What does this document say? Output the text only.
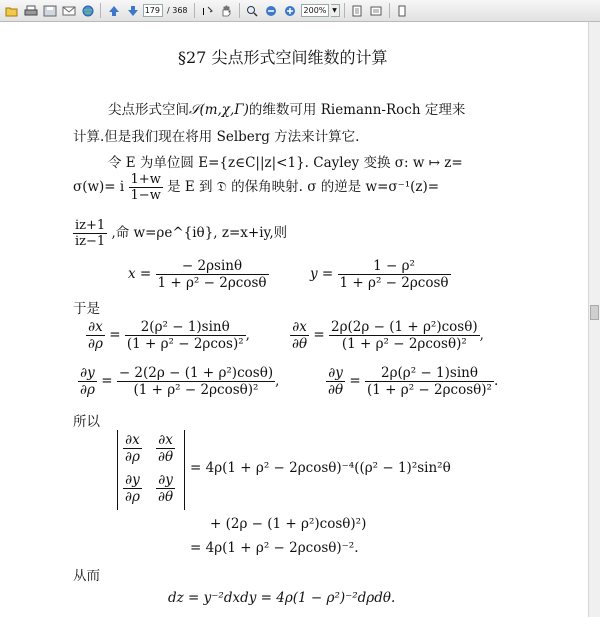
179 / 368 I	200% ▼
§27 尖点形式空间维数的计算
尖点形式空间𝒮(m,χ,Γ)的维数可用 Riemann-Roch 定理来
计算.但是我们现在将用 Selberg 方法来计算它.
令 E 为单位圆 E={z∈C||z|<1}. Cayley 变换 σ: w ↦ z=
σ(w)= i $\frac{1+w}{1-w}$ 是 E 到 𝔇 的保角映射. σ 的逆是 w=σ⁻¹(z)=
$\frac{iz+1}{iz-1}$ ,命 w=ρe^{iθ}, z=x+iy,则
$x = \frac{- 2\rho\sin\theta}{\text{1 + ρ² − 2ρcosθ}}$	$y = \frac{\text{1 − ρ²}}{\text{1 + ρ² − 2ρcosθ}}$
于是
$\frac{\partial x}{\partial\rho} = \frac{\text{2(ρ² − 1)sinθ}}{\text{(1 + ρ² − 2ρcos)²}}$ ,	$\frac{\partial x}{\partial\theta} = \frac{\text{2ρ(2ρ − (1 + ρ²)cosθ)}}{\text{(1 + ρ² − 2ρcosθ)²}}$ ,
$\frac{\partial y}{\partial\rho} = \frac{\text{− 2(2ρ − (1 + ρ²)cosθ)}}{\text{(1 + ρ² − 2ρcosθ)²}}$ ,	$\frac{\partial y}{\partial\theta} = \frac{\text{2ρ(ρ² − 1)sinθ}}{\text{(1 + ρ² − 2ρcosθ)²}}$ .
所以
$\frac{\partial x}{\partial\rho} \frac{\partial x}{\partial\theta}$
$\frac{\partial y}{\partial\rho} \frac{\partial y}{\partial\theta}$
= 4ρ(1 + ρ² − 2ρcosθ)⁻⁴((ρ² − 1)²sin²θ
+ (2ρ − (1 + ρ²)cosθ)²)
= 4ρ(1 + ρ² − 2ρcosθ)⁻².
从而
dz = y⁻²dxdy = 4ρ(1 − ρ²)⁻²dρdθ.
